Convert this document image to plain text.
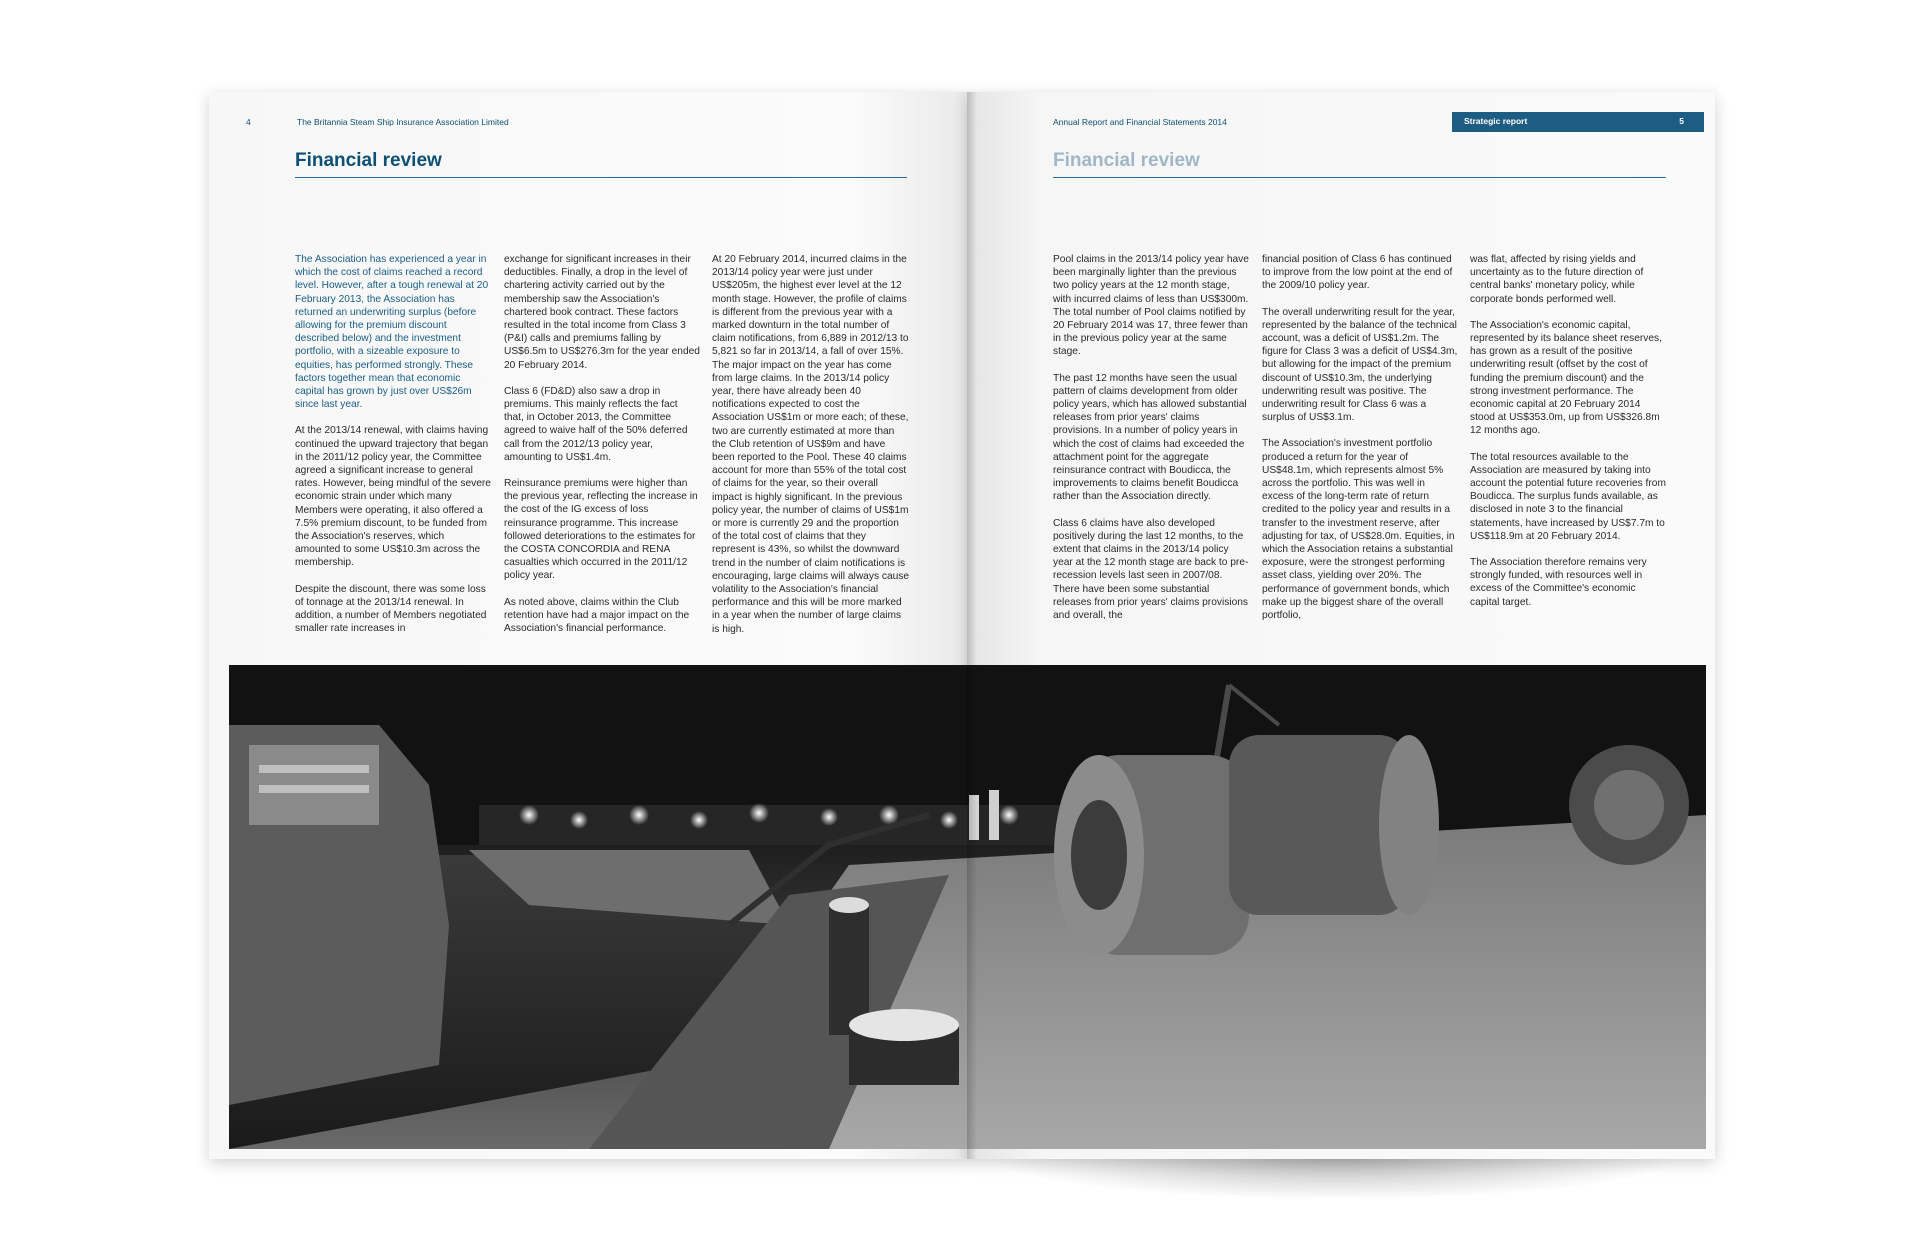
4	The Britannia Steam Ship Insurance Association Limited	Annual Report and Financial Statements 2014	Strategic report	5
Financial review	Financial review

The Association has experienced a year in which the cost of claims reached a record level. However, after a tough renewal at 20 February 2013, the Association has returned an underwriting surplus (before allowing for the premium discount described below) and the investment portfolio, with a sizeable exposure to equities, has performed strongly. These factors together mean that economic capital has grown by just over US$26m since last year.

At the 2013/14 renewal, with claims having continued the upward trajectory that began in the 2011/12 policy year, the Committee agreed a significant increase to general rates. However, being mindful of the severe economic strain under which many Members were operating, it also offered a 7.5% premium discount, to be funded from the Association's reserves, which amounted to some US$10.3m across the membership.

Despite the discount, there was some loss of tonnage at the 2013/14 renewal. In addition, a number of Members negotiated smaller rate increases in

exchange for significant increases in their deductibles. Finally, a drop in the level of chartering activity carried out by the membership saw the Association's chartered book contract. These factors resulted in the total income from Class 3 (P&I) calls and premiums falling by US$6.5m to US$276.3m for the year ended 20 February 2014.

Class 6 (FD&D) also saw a drop in premiums. This mainly reflects the fact that, in October 2013, the Committee agreed to waive half of the 50% deferred call from the 2012/13 policy year, amounting to US$1.4m.

Reinsurance premiums were higher than the previous year, reflecting the increase in the cost of the IG excess of loss reinsurance programme. This increase followed deteriorations to the estimates for the COSTA CONCORDIA and RENA casualties which occurred in the 2011/12 policy year.

As noted above, claims within the Club retention have had a major impact on the Association's financial performance.

At 20 February 2014, incurred claims in the 2013/14 policy year were just under US$205m, the highest ever level at the 12 month stage. However, the profile of claims is different from the previous year with a marked downturn in the total number of claim notifications, from 6,889 in 2012/13 to 5,821 so far in 2013/14, a fall of over 15%. The major impact on the year has come from large claims. In the 2013/14 policy year, there have already been 40 notifications expected to cost the Association US$1m or more each; of these, two are currently estimated at more than the Club retention of US$9m and have been reported to the Pool. These 40 claims account for more than 55% of the total cost of claims for the year, so their overall impact is highly significant. In the previous policy year, the number of claims of US$1m or more is currently 29 and the proportion of the total cost of claims that they represent is 43%, so whilst the downward trend in the number of claim notifications is encouraging, large claims will always cause volatility to the Association's financial performance and this will be more marked in a year when the number of large claims is high.

Pool claims in the 2013/14 policy year have been marginally lighter than the previous two policy years at the 12 month stage, with incurred claims of less than US$300m. The total number of Pool claims notified by 20 February 2014 was 17, three fewer than in the previous policy year at the same stage.

The past 12 months have seen the usual pattern of claims development from older policy years, which has allowed substantial releases from prior years' claims provisions. In a number of policy years in which the cost of claims had exceeded the attachment point for the aggregate reinsurance contract with Boudicca, the improvements to claims benefit Boudicca rather than the Association directly.

Class 6 claims have also developed positively during the last 12 months, to the extent that claims in the 2013/14 policy year at the 12 month stage are back to pre-recession levels last seen in 2007/08. There have been some substantial releases from prior years' claims provisions and overall, the

financial position of Class 6 has continued to improve from the low point at the end of the 2009/10 policy year.

The overall underwriting result for the year, represented by the balance of the technical account, was a deficit of US$1.2m. The figure for Class 3 was a deficit of US$4.3m, but allowing for the impact of the premium discount of US$10.3m, the underlying underwriting result was positive. The underwriting result for Class 6 was a surplus of US$3.1m.

The Association's investment portfolio produced a return for the year of US$48.1m, which represents almost 5% across the portfolio. This was well in excess of the long-term rate of return credited to the policy year and results in a transfer to the investment reserve, after adjusting for tax, of US$28.0m. Equities, in which the Association retains a substantial exposure, were the strongest performing asset class, yielding over 20%. The performance of government bonds, which make up the biggest share of the overall portfolio,

was flat, affected by rising yields and uncertainty as to the future direction of central banks' monetary policy, while corporate bonds performed well.

The Association's economic capital, represented by its balance sheet reserves, has grown as a result of the positive underwriting result (offset by the cost of funding the premium discount) and the strong investment performance. The economic capital at 20 February 2014 stood at US$353.0m, up from US$326.8m 12 months ago.

The total resources available to the Association are measured by taking into account the potential future recoveries from Boudicca. The surplus funds available, as disclosed in note 3 to the financial statements, have increased by US$7.7m to US$118.9m at 20 February 2014.

The Association therefore remains very strongly funded, with resources well in excess of the Committee's economic capital target.
